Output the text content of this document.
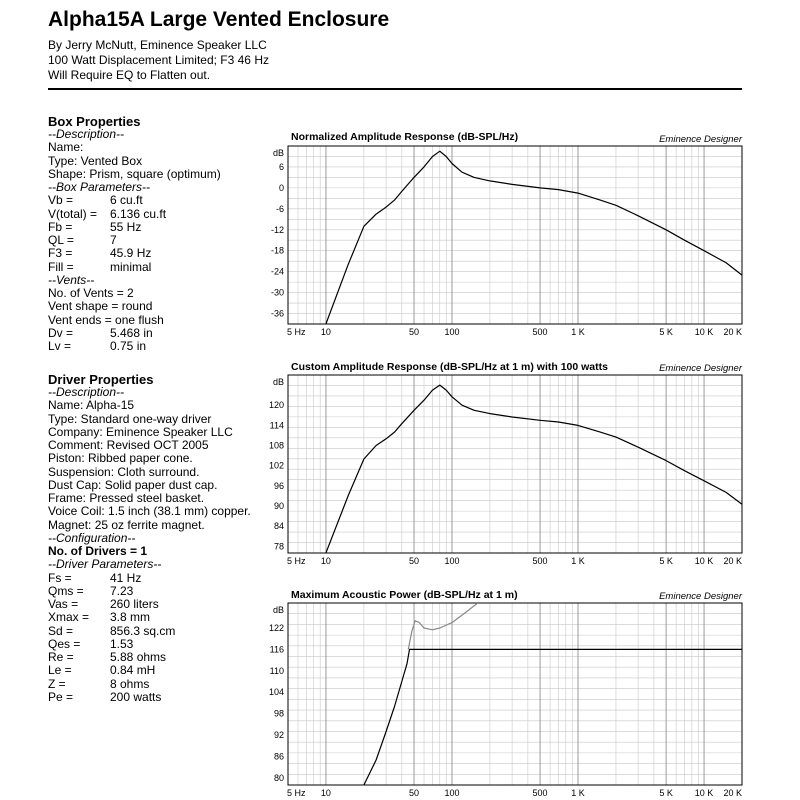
Alpha15A Large Vented Enclosure
By Jerry McNutt, Eminence Speaker LLC
100 Watt Displacement Limited; F3 46 Hz
Will Require EQ to Flatten out.
Box Properties
--Description--
Name:
Type: Vented Box
Shape: Prism, square (optimum)
--Box Parameters--
Vb =	6 cu.ft
V(total) = 6.136 cu.ft
Fb =	55 Hz
QL =	7
F3 =	45.9 Hz
Fill =	minimal
--Vents--
No. of Vents = 2
Vent shape = round
Vent ends = one flush
Dv =	5.468 in
Lv =	0.75 in
Driver Properties
--Description--
Name: Alpha-15
Type: Standard one-way driver
Company: Eminence Speaker LLC
Comment: Revised OCT 2005
Piston: Ribbed paper cone.
Suspension: Cloth surround.
Dust Cap: Solid paper dust cap.
Frame: Pressed steel basket.
Voice Coil: 1.5 inch (38.1 mm) copper.
Magnet: 25 oz ferrite magnet.
--Configuration--
No. of Drivers = 1
--Driver Parameters--
Fs =	41 Hz
Qms = 7.23
Vas =	260 liters
Xmax = 3.8 mm
Sd =	856.3 sq.cm
Qes = 1.53
Re =	5.88 ohms
Le =	0.84 mH
Z =	8 ohms
Pe =	200 watts
Normalized Amplitude Response (dB-SPL/Hz)	Eminence Designer
dB
6
0
-6
-12
-18
-24
-30
-36
5 Hz 10	50	100	500	1 K	5 K 10 K 20 K
Custom Amplitude Response (dB-SPL/Hz at 1 m) with 100 watts	Eminence Designer
dB
120
114
108
102
96
90
84
78
5 Hz 10	50	100	500	1 K	5 K 10 K 20 K
Maximum Acoustic Power (dB-SPL/Hz at 1 m)	Eminence Designer
dB
122
116
110
104
98
92
86
80
5 Hz 10	50	100	500	1 K	5 K 10 K 20 K
